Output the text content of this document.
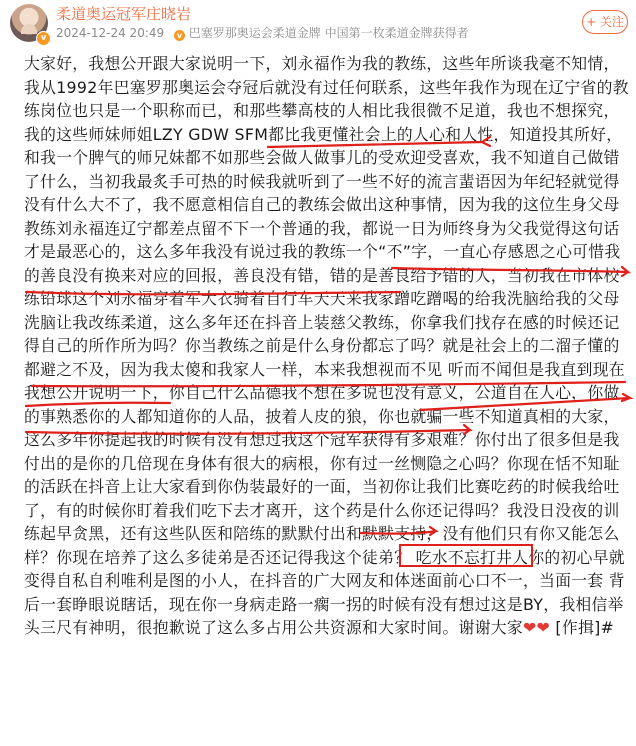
v
柔道奥运冠军庄晓岩
2024-12-24 20:49 v 巴塞罗那奥运会柔道金牌 中国第一枚柔道金牌获得者
+ 关注
大家好，我想公开跟大家说明一下，刘永福作为我的教练，这些年所谈我毫不知情，
我从1992年巴塞罗那奥运会夺冠后就没有过任何联系，这些年我作为现在辽宁省的教
练岗位也只是一个职称而已，和那些攀高枝的人相比我很微不足道，我也不想探究，
我的这些师妹师姐LZY GDW SFM都比我更懂社会上的人心和人性，知道投其所好，
和我一个脾气的师兄妹都不如那些会做人做事儿的受欢迎受喜欢，我不知道自己做错
了什么，当初我最炙手可热的时候我就听到了一些不好的流言蜚语因为年纪轻就觉得
没有什么大不了，我不愿意相信自己的教练会做出这种事情，因为我的这位生身父母
教练刘永福连辽宁都差点留不下一个普通的我，都说一日为师终身为父我觉得这句话
才是最恶心的，这么多年我没有说过我的教练一个“不”字，一直心存感恩之心可惜我
的善良没有换来对应的回报，善良没有错，错的是善良给予错的人，当初我在市体校
练铅球这个刘永福穿着军大衣骑着自行车天天来我家蹭吃蹭喝的给我洗脑给我的父母
洗脑让我改练柔道，这么多年还在抖音上装慈父教练，你拿我们找存在感的时候还记
得自己的所作所为吗？你当教练之前是什么身份都忘了吗？就是社会上的二溜子懂的
都避之不及，因为我太傻和我家人一样，本来我想视而不见 听而不闻但是我直到现在
我想公开说明一下，你自己什么品德我不想在多说也没有意义，公道自在人心，你做
的事熟悉你的人都知道你的人品，披着人皮的狼，你也就骗一些不知道真相的大家，
这么多年你提起我的时候有没有想过我这个冠军获得有多艰难？你付出了很多但是我
付出的是你的几倍现在身体有很大的病根，你有过一丝恻隐之心吗？你现在恬不知耻
的活跃在抖音上让大家看到你伪装最好的一面，当初你让我们比赛吃药的时候我给吐
了，有的时候你盯着我们吃下去才离开，这个药是什么你还记得吗？我没日没夜的训
练起早贪黑，还有这些队医和陪练的默默付出和默默支持，没有他们只有你又能怎么
样？你现在培养了这么多徒弟是否还记得我这个徒弟？ 吃水不忘打井人你的初心早就
变得自私自利唯利是图的小人，在抖音的广大网友和体迷面前心口不一，当面一套 背
后一套睁眼说瞎话，现在你一身病走路一瘸一拐的时候有没有想过这是BY，我相信举
头三尺有神明，很抱歉说了这么多占用公共资源和大家时间。谢谢大家❤❤ [作揖]#
